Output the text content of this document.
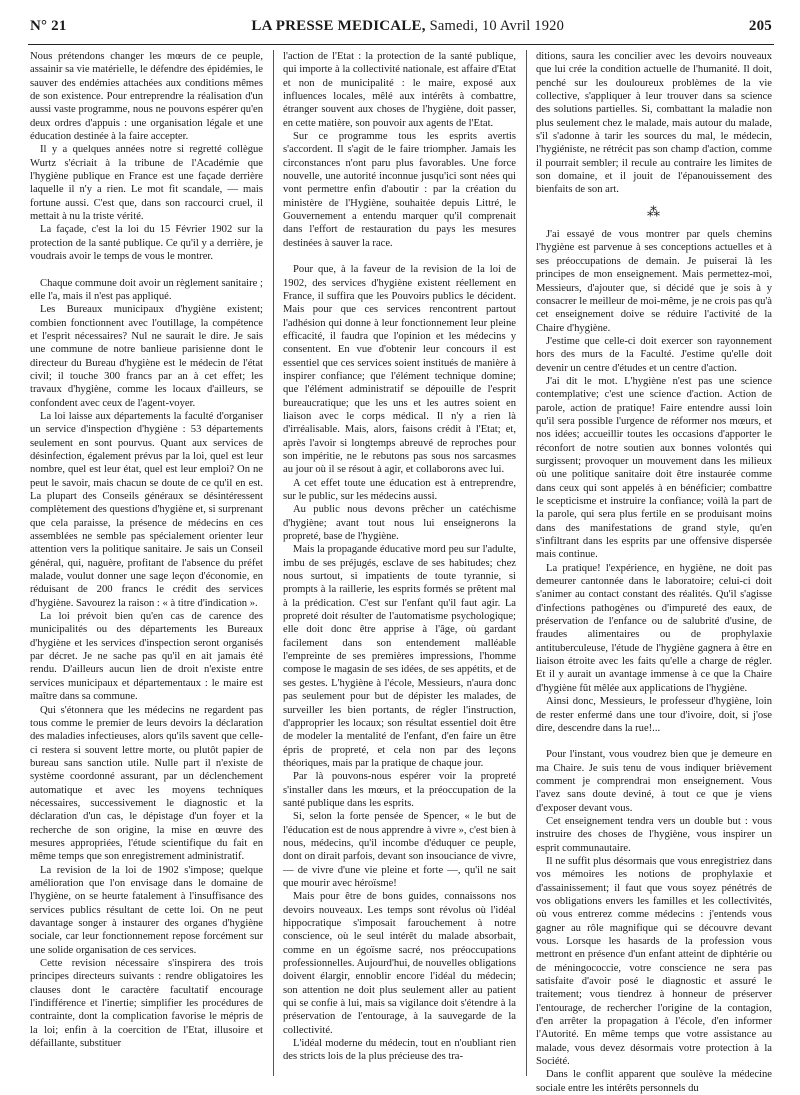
N° 21	LA PRESSE MEDICALE, Samedi, 10 Avril 1920	205

Nous prétendons changer les mœurs de ce peuple, assainir sa vie matérielle, le défendre des épidémies, le sauver des endémies attachées aux conditions mêmes de son existence. Pour entreprendre la réalisation d'un aussi vaste programme, nous ne pouvons espérer qu'en deux ordres d'appuis : une organisation légale et une éducation destinée à la faire accepter.

Il y a quelques années notre si regretté collègue Wurtz s'écriait à la tribune de l'Académie que l'hygiène publique en France est une façade derrière laquelle il n'y a rien. Le mot fit scandale, — mais fortune aussi. C'est que, dans son raccourci cruel, il mettait à nu la triste vérité.

La façade, c'est la loi du 15 Février 1902 sur la protection de la santé publique. Ce qu'il y a derrière, je voudrais avoir le temps de vous le montrer.

Chaque commune doit avoir un règlement sanitaire ; elle l'a, mais il n'est pas appliqué.

Les Bureaux municipaux d'hygiène existent; combien fonctionnent avec l'outillage, la compétence et l'esprit nécessaires? Nul ne saurait le dire. Je sais une commune de notre banlieue parisienne dont le directeur du Bureau d'hygiène est le médecin de l'état civil; il touche 300 francs par an à cet effet; les travaux d'hygiène, comme les locaux d'ailleurs, se confondent avec ceux de l'agent-voyer.

La loi laisse aux départements la faculté d'organiser un service d'inspection d'hygiène : 53 départements seulement en sont pourvus. Quant aux services de désinfection, également prévus par la loi, quel est leur nombre, quel est leur état, quel est leur emploi? On ne peut le savoir, mais chacun se doute de ce qu'il en est. La plupart des Conseils généraux se désintéressent complètement des questions d'hygiène et, si surprenant que cela paraisse, la présence de médecins en ces assemblées ne semble pas spécialement orienter leur attention vers la politique sanitaire. Je sais un Conseil général, qui, naguère, profitant de l'absence du préfet malade, voulut donner une sage leçon d'économie, en réduisant de 200 francs le crédit des services d'hygiène. Savourez la raison : « à titre d'indication ».

La loi prévoit bien qu'en cas de carence des municipalités ou des départements les Bureaux d'hygiène et les services d'inspection seront organisés par décret. Je ne sache pas qu'il en ait jamais été rendu. D'ailleurs aucun lien de droit n'existe entre services municipaux et départementaux : le maire est maître dans sa commune.

Qui s'étonnera que les médecins ne regardent pas tous comme le premier de leurs devoirs la déclaration des maladies infectieuses, alors qu'ils savent que celle-ci restera si souvent lettre morte, ou plutôt papier de bureau sans sanction utile. Nulle part il n'existe de système coordonné assurant, par un déclenchement automatique et avec les moyens techniques nécessaires, successivement le diagnostic et la déclaration d'un cas, le dépistage d'un foyer et la recherche de son origine, la mise en œuvre des mesures appropriées, l'étude scientifique du fait en même temps que son enregistrement administratif.

La revision de la loi de 1902 s'impose; quelque amélioration que l'on envisage dans le domaine de l'hygiène, on se heurte fatalement à l'insuffisance des services publics résultant de cette loi. On ne peut davantage songer à instaurer des organes d'hygiène sociale, car leur fonctionnement repose forcément sur une solide organisation de ces services.

Cette revision nécessaire s'inspirera des trois principes directeurs suivants : rendre obligatoires les clauses dont le caractère facultatif encourage l'indifférence et l'inertie; simplifier les procédures de contrainte, dont la complication favorise le mépris de la loi; enfin à la coercition de l'Etat, illusoire et défaillante, substituer

l'action de l'Etat : la protection de la santé publique, qui importe à la collectivité nationale, est affaire d'Etat et non de municipalité : le maire, exposé aux influences locales, mêlé aux intérêts à combattre, étranger souvent aux choses de l'hygiène, doit passer, en cette matière, son pouvoir aux agents de l'Etat.

Sur ce programme tous les esprits avertis s'accordent. Il s'agit de le faire triompher. Jamais les circonstances n'ont paru plus favorables. Une force nouvelle, une autorité inconnue jusqu'ici sont nées qui vont permettre enfin d'aboutir : par la création du ministère de l'Hygiène, souhaitée depuis Littré, le Gouvernement a entendu marquer qu'il comprenait dans l'effort de restauration du pays les mesures destinées à sauver la race.

Pour que, à la faveur de la revision de la loi de 1902, des services d'hygiène existent réellement en France, il suffira que les Pouvoirs publics le décident. Mais pour que ces services rencontrent partout l'adhésion qui donne à leur fonctionnement leur pleine efficacité, il faudra que l'opinion et les médecins y consentent. En vue d'obtenir leur concours il est essentiel que ces services soient institués de manière à inspirer confiance; que l'élément technique domine; que l'élément administratif se dépouille de l'esprit bureaucratique; que les uns et les autres soient en liaison avec le corps médical. Il n'y a rien là d'irréalisable. Mais, alors, faisons crédit à l'Etat; et, après l'avoir si longtemps abreuvé de reproches pour son impéritie, ne le rebutons pas sous nos sarcasmes au jour où il se résout à agir, et collaborons avec lui.

A cet effet toute une éducation est à entreprendre, sur le public, sur les médecins aussi.

Au public nous devons prêcher un catéchisme d'hygiène; avant tout nous lui enseignerons la propreté, base de l'hygiène.

Mais la propagande éducative mord peu sur l'adulte, imbu de ses préjugés, esclave de ses habitudes; chez nous surtout, si impatients de toute tyrannie, si prompts à la raillerie, les esprits formés se prêtent mal à la prédication. C'est sur l'enfant qu'il faut agir. La propreté doit résulter de l'automatisme psychologique; elle doit donc être apprise à l'âge, où gardant facilement dans son entendement malléable l'empreinte de ses premières impressions, l'homme compose le magasin de ses idées, de ses appétits, et de ses gestes. L'hygiène à l'école, Messieurs, n'aura donc pas seulement pour but de dépister les malades, de surveiller les bien portants, de régler l'instruction, d'approprier les locaux; son résultat essentiel doit être de modeler la mentalité de l'enfant, d'en faire un être épris de propreté, et cela non par des leçons théoriques, mais par la pratique de chaque jour.

Par là pouvons-nous espérer voir la propreté s'installer dans les mœurs, et la préoccupation de la santé publique dans les esprits.

Si, selon la forte pensée de Spencer, « le but de l'éducation est de nous apprendre à vivre », c'est bien à nous, médecins, qu'il incombe d'éduquer ce peuple, dont on dirait parfois, devant son insouciance de vivre, — de vivre d'une vie pleine et forte —, qu'il ne sait que mourir avec héroïsme!

Mais pour être de bons guides, connaissons nos devoirs nouveaux. Les temps sont révolus où l'idéal hippocratique s'imposait farouchement à notre conscience, où le seul intérêt du malade absorbait, comme en un égoïsme sacré, nos préoccupations professionnelles. Aujourd'hui, de nouvelles obligations doivent élargir, ennoblir encore l'idéal du médecin; son attention ne doit plus seulement aller au patient qui se confie à lui, mais sa vigilance doit s'étendre à la préservation de l'entourage, à la sauvegarde de la collectivité.

L'idéal moderne du médecin, tout en n'oubliant rien des stricts lois de la plus précieuse des tra-

ditions, saura les concilier avec les devoirs nouveaux que lui crée la condition actuelle de l'humanité. Il doit, penché sur les douloureux problèmes de la vie collective, s'appliquer à leur trouver dans sa science des solutions partielles. Si, combattant la maladie non plus seulement chez le malade, mais autour du malade, s'il s'adonne à tarir les sources du mal, le médecin, l'hygiéniste, ne rétrécit pas son champ d'action, comme il pourrait sembler; il recule au contraire les limites de son domaine, et il jouit de l'épanouissement des bienfaits de son art.

⁂

J'ai essayé de vous montrer par quels chemins l'hygiène est parvenue à ses conceptions actuelles et à ses préoccupations de demain. Je puiserai là les principes de mon enseignement. Mais permettez-moi, Messieurs, d'ajouter que, si décidé que je sois à y consacrer le meilleur de moi-même, je ne crois pas qu'à cet enseignement doive se réduire l'activité de la Chaire d'hygiène.

J'estime que celle-ci doit exercer son rayonnement hors des murs de la Faculté. J'estime qu'elle doit devenir un centre d'études et un centre d'action.

J'ai dit le mot. L'hygiène n'est pas une science contemplative; c'est une science d'action. Action de parole, action de pratique! Faire entendre aussi loin qu'il sera possible l'urgence de réformer nos mœurs, et nos idées; accueillir toutes les occasions d'apporter le réconfort de notre soutien aux bonnes volontés qui surgissent; provoquer un mouvement dans les milieux où une politique sanitaire doit être instaurée comme dans ceux qui sont appelés à en bénéficier; combattre le scepticisme et instruire la confiance; voilà la part de la parole, qui sera plus fertile en se produisant moins dans des manifestations de grand style, qu'en s'infiltrant dans les esprits par une offensive dispersée mais continue.

La pratique! l'expérience, en hygiène, ne doit pas demeurer cantonnée dans le laboratoire; celui-ci doit s'animer au contact constant des réalités. Qu'il s'agisse d'infections pathogènes ou d'impureté des eaux, de préservation de l'enfance ou de salubrité d'usine, de fraudes alimentaires ou de prophylaxie antituberculeuse, l'étude de l'hygiène gagnera à être en liaison étroite avec les faits qu'elle a charge de régler. Et il y aurait un avantage immense à ce que la Chaire d'hygiène fût mêlée aux applications de l'hygiène.

Ainsi donc, Messieurs, le professeur d'hygiène, loin de rester enfermé dans une tour d'ivoire, doit, si j'ose dire, descendre dans la rue!...

Pour l'instant, vous voudrez bien que je demeure en ma Chaire. Je suis tenu de vous indiquer brièvement comment je comprendrai mon enseignement. Vous l'avez sans doute deviné, à tout ce que je viens d'exposer devant vous.

Cet enseignement tendra vers un double but : vous instruire des choses de l'hygiène, vous inspirer un esprit communautaire.

Il ne suffit plus désormais que vous enregistriez dans vos mémoires les notions de prophylaxie et d'assainissement; il faut que vous soyez pénétrés de vos obligations envers les familles et les collectivités, où vous entrerez comme médecins : j'entends vous gagner au rôle magnifique qui se découvre devant vous. Lorsque les hasards de la profession vous mettront en présence d'un enfant atteint de diphtérie ou de méningococcie, votre conscience ne sera pas satisfaite d'avoir posé le diagnostic et assuré le traitement; vous tiendrez à honneur de préserver l'entourage, de rechercher l'origine de la contagion, d'en arrêter la propagation à l'école, d'en informer l'Autorité. En même temps que votre assistance au malade, vous devez désormais votre protection à la Société.

Dans le conflit apparent que soulève la médecine sociale entre les intérêts personnels du
